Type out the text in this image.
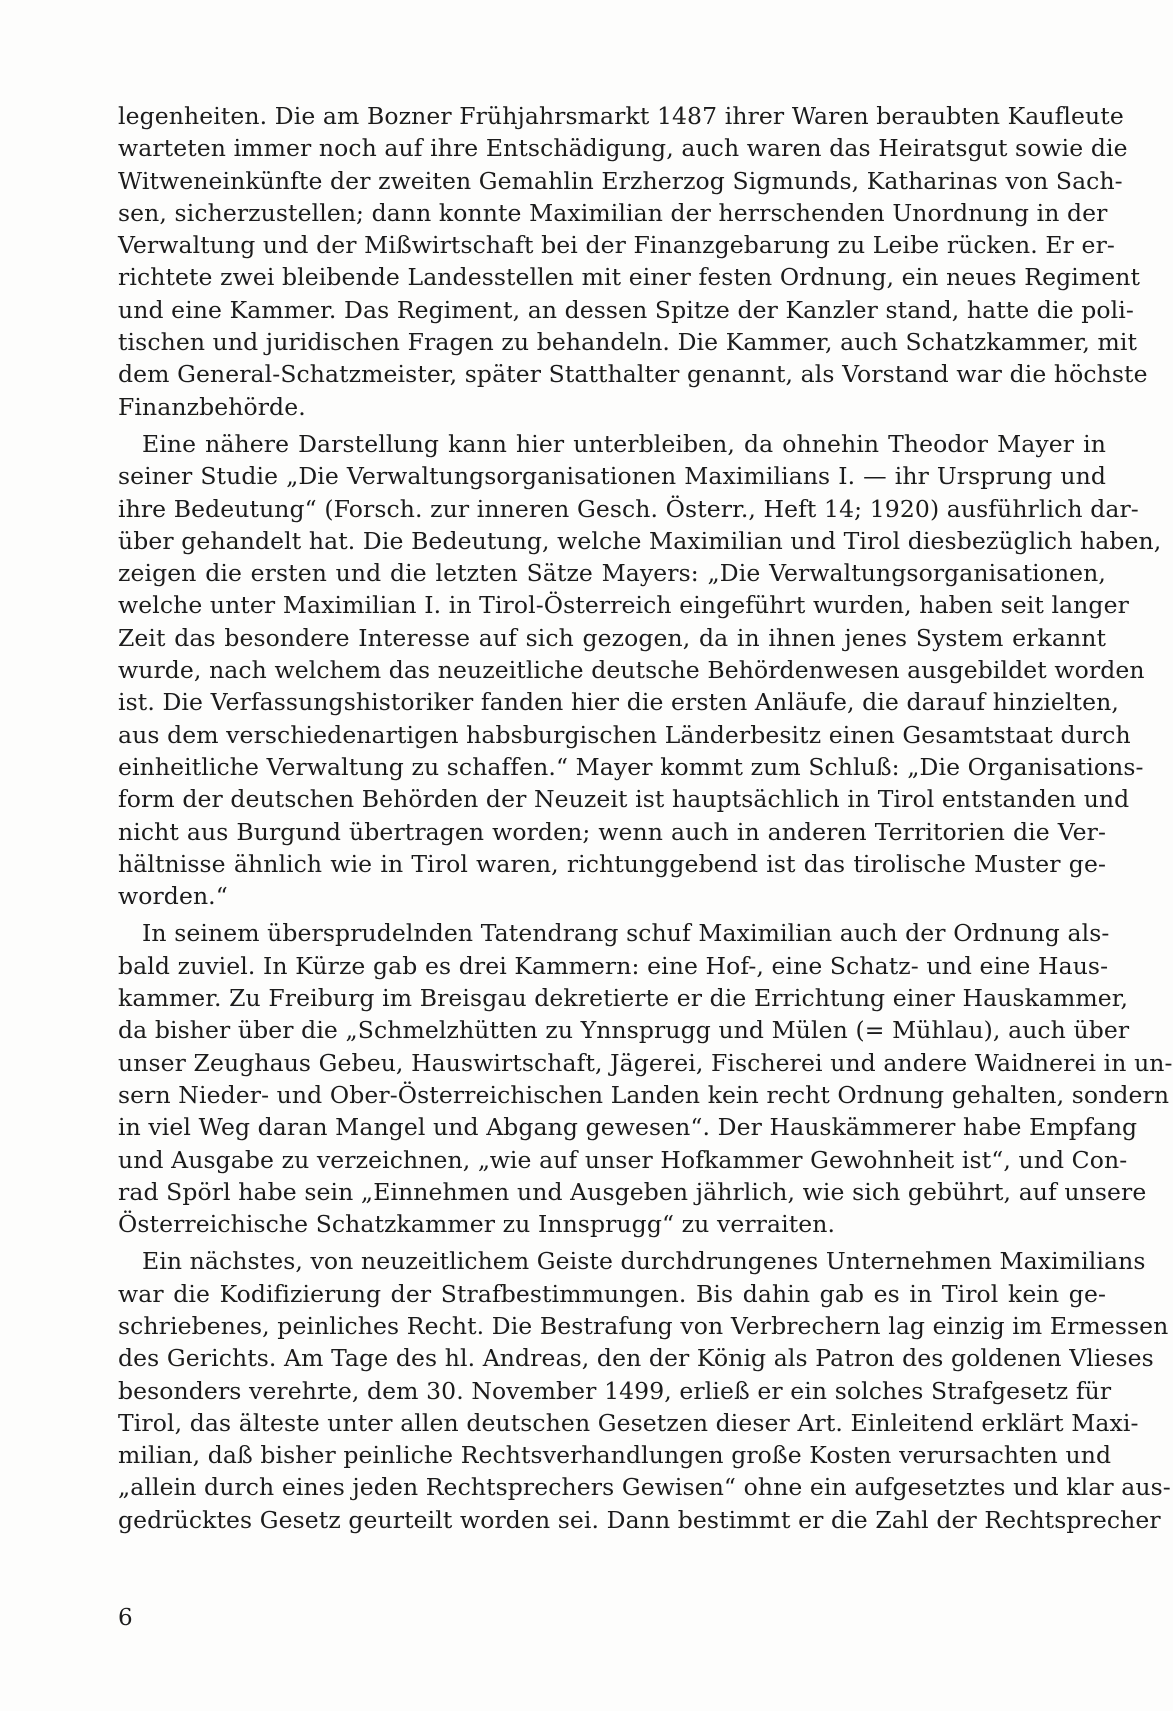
legenheiten. Die am Bozner Frühjahrsmarkt 1487 ihrer Waren beraubten Kaufleute
warteten immer noch auf ihre Entschädigung, auch waren das Heiratsgut sowie die
Witweneinkünfte der zweiten Gemahlin Erzherzog Sigmunds, Katharinas von Sach-
sen, sicherzustellen; dann konnte Maximilian der herrschenden Unordnung in der
Verwaltung und der Mißwirtschaft bei der Finanzgebarung zu Leibe rücken. Er er-
richtete zwei bleibende Landesstellen mit einer festen Ordnung, ein neues Regiment
und eine Kammer. Das Regiment, an dessen Spitze der Kanzler stand, hatte die poli-
tischen und juridischen Fragen zu behandeln. Die Kammer, auch Schatzkammer, mit
dem General-Schatzmeister, später Statthalter genannt, als Vorstand war die höchste
Finanzbehörde.
Eine nähere Darstellung kann hier unterbleiben, da ohnehin Theodor Mayer in
seiner Studie „Die Verwaltungsorganisationen Maximilians I. — ihr Ursprung und
ihre Bedeutung“ (Forsch. zur inneren Gesch. Österr., Heft 14; 1920) ausführlich dar-
über gehandelt hat. Die Bedeutung, welche Maximilian und Tirol diesbezüglich haben,
zeigen die ersten und die letzten Sätze Mayers: „Die Verwaltungsorganisationen,
welche unter Maximilian I. in Tirol-Österreich eingeführt wurden, haben seit langer
Zeit das besondere Interesse auf sich gezogen, da in ihnen jenes System erkannt
wurde, nach welchem das neuzeitliche deutsche Behördenwesen ausgebildet worden
ist. Die Verfassungshistoriker fanden hier die ersten Anläufe, die darauf hinzielten,
aus dem verschiedenartigen habsburgischen Länderbesitz einen Gesamtstaat durch
einheitliche Verwaltung zu schaffen.“ Mayer kommt zum Schluß: „Die Organisations-
form der deutschen Behörden der Neuzeit ist hauptsächlich in Tirol entstanden und
nicht aus Burgund übertragen worden; wenn auch in anderen Territorien die Ver-
hältnisse ähnlich wie in Tirol waren, richtunggebend ist das tirolische Muster ge-
worden.“
In seinem übersprudelnden Tatendrang schuf Maximilian auch der Ordnung als-
bald zuviel. In Kürze gab es drei Kammern: eine Hof-, eine Schatz- und eine Haus-
kammer. Zu Freiburg im Breisgau dekretierte er die Errichtung einer Hauskammer,
da bisher über die „Schmelzhütten zu Ynnsprugg und Mülen (= Mühlau), auch über
unser Zeughaus Gebeu, Hauswirtschaft, Jägerei, Fischerei und andere Waidnerei in un-
sern Nieder- und Ober-Österreichischen Landen kein recht Ordnung gehalten, sondern
in viel Weg daran Mangel und Abgang gewesen“. Der Hauskämmerer habe Empfang
und Ausgabe zu verzeichnen, „wie auf unser Hofkammer Gewohnheit ist“, und Con-
rad Spörl habe sein „Einnehmen und Ausgeben jährlich, wie sich gebührt, auf unsere
Österreichische Schatzkammer zu Innsprugg“ zu verraiten.
Ein nächstes, von neuzeitlichem Geiste durchdrungenes Unternehmen Maximilians
war die Kodifizierung der Strafbestimmungen. Bis dahin gab es in Tirol kein ge-
schriebenes, peinliches Recht. Die Bestrafung von Verbrechern lag einzig im Ermessen
des Gerichts. Am Tage des hl. Andreas, den der König als Patron des goldenen Vlieses
besonders verehrte, dem 30. November 1499, erließ er ein solches Strafgesetz für
Tirol, das älteste unter allen deutschen Gesetzen dieser Art. Einleitend erklärt Maxi-
milian, daß bisher peinliche Rechtsverhandlungen große Kosten verursachten und
„allein durch eines jeden Rechtsprechers Gewisen“ ohne ein aufgesetztes und klar aus-
gedrücktes Gesetz geurteilt worden sei. Dann bestimmt er die Zahl der Rechtsprecher
6
